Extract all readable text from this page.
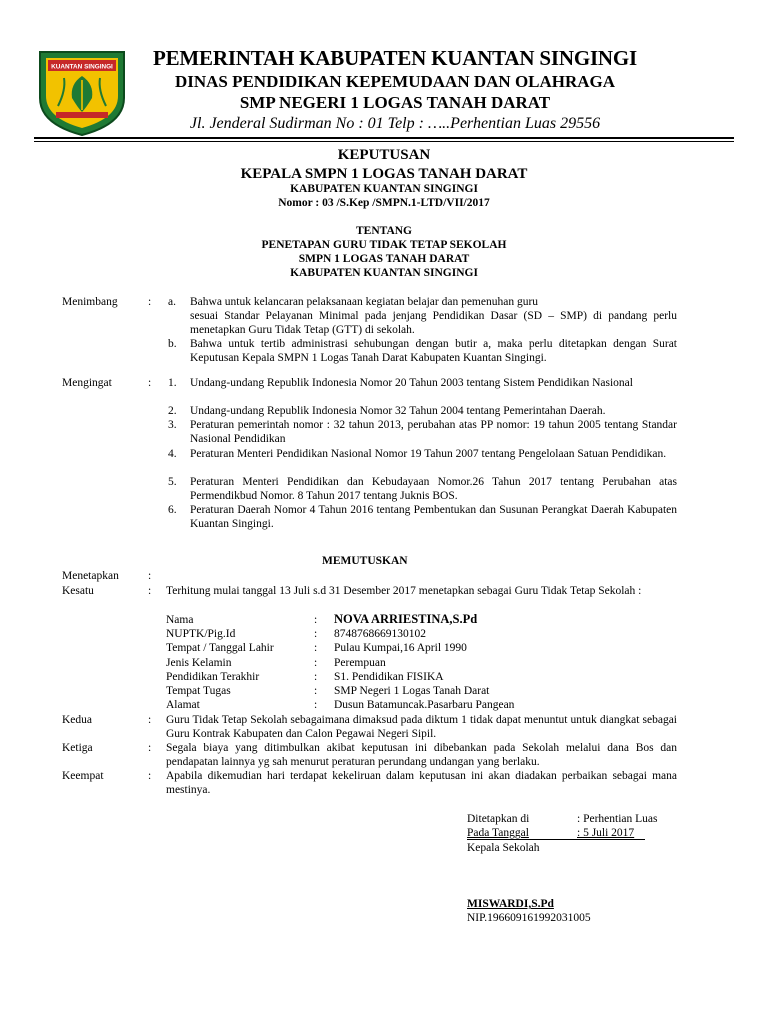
KUANTAN SINGINGI	PEMERINTAH KABUPATEN KUANTAN SINGINGI
DINAS PENDIDIKAN KEPEMUDAAN DAN OLAHRAGA
SMP NEGERI 1 LOGAS TANAH DARAT
Jl. Jenderal Sudirman No : 01 Telp : …..Perhentian Luas 29556
KEPUTUSAN
KEPALA SMPN 1 LOGAS TANAH DARAT
KABUPATEN KUANTAN SINGINGI
Nomor : 03 /S.Kep /SMPN.1-LTD/VII/2017
TENTANG
PENETAPAN GURU TIDAK TETAP SEKOLAH
SMPN 1 LOGAS TANAH DARAT
KABUPATEN KUANTAN SINGINGI
Menimbang	: a. Bahwa untuk kelancaran pelaksanaan kegiatan belajar dan pemenuhan guru
sesuai Standar Pelayanan Minimal pada jenjang Pendidikan Dasar (SD – SMP) di pandang perlu menetapkan Guru Tidak Tetap (GTT) di sekolah.
b. Bahwa untuk tertib administrasi sehubungan dengan butir a, maka perlu ditetapkan dengan Surat Keputusan Kepala SMPN 1 Logas Tanah Darat Kabupaten Kuantan Singingi.
Mengingat	: 1. Undang-undang Republik Indonesia Nomor 20 Tahun 2003 tentang Sistem Pendidikan Nasional
2. Undang-undang Republik Indonesia Nomor 32 Tahun 2004 tentang Pemerintahan Daerah.
3. Peraturan pemerintah nomor : 32 tahun 2013, perubahan atas PP nomor: 19 tahun 2005 tentang Standar Nasional Pendidikan
4. Peraturan Menteri Pendidikan Nasional Nomor 19 Tahun 2007 tentang Pengelolaan Satuan Pendidikan.
5. Peraturan Menteri Pendidikan dan Kebudayaan Nomor.26 Tahun 2017 tentang Perubahan atas Permendikbud Nomor. 8 Tahun 2017 tentang Juknis BOS.
6. Peraturan Daerah Nomor 4 Tahun 2016 tentang Pembentukan dan Susunan Perangkat Daerah Kabupaten Kuantan Singingi.
MEMUTUSKAN
Menetapkan	:
Kesatu	: Terhitung mulai tanggal 13 Juli s.d 31 Desember 2017 menetapkan sebagai Guru Tidak Tetap Sekolah :
Nama	: NOVA ARRIESTINA,S.Pd
NUPTK/Pig.Id	: 8748768669130102
Tempat / Tanggal Lahir	: Pulau Kumpai,16 April 1990
Jenis Kelamin	: Perempuan
Pendidikan Terakhir	: S1. Pendidikan FISIKA
Tempat Tugas	: SMP Negeri 1 Logas Tanah Darat
Alamat	: Dusun Batamuncak.Pasarbaru Pangean
Kedua	: Guru Tidak Tetap Sekolah sebagaimana dimaksud pada diktum 1 tidak dapat menuntut untuk diangkat sebagai Guru Kontrak Kabupaten dan Calon Pegawai Negeri Sipil.
Ketiga	: Segala biaya yang ditimbulkan akibat keputusan ini dibebankan pada Sekolah melalui dana Bos dan pendapatan lainnya yg sah menurut peraturan perundang undangan yang berlaku.
Keempat	: Apabila dikemudian hari terdapat kekeliruan dalam keputusan ini akan diadakan perbaikan sebagai mana mestinya.
Ditetapkan di	: Perhentian Luas
Pada Tanggal	: 5 Juli 2017
Kepala Sekolah
MISWARDI,S.Pd
NIP.196609161992031005
